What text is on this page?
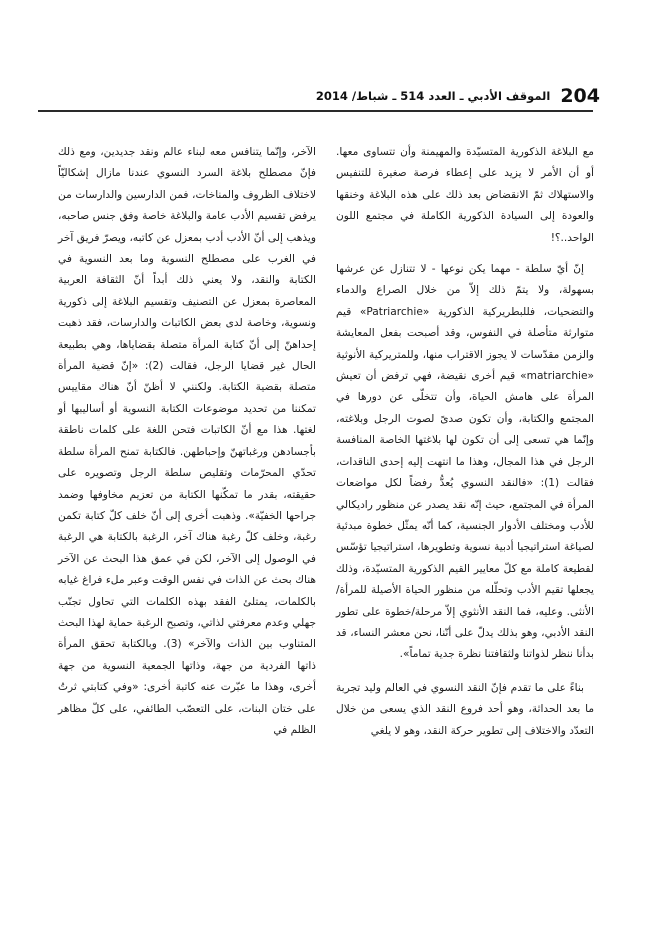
204
الموقف الأدبي ـ العدد 514 ـ شباط/ 2014

مع البلاغة الذكورية المتسيّدة والمهيمنة وأن تتساوى معها. أو أن الأمر لا يزيد على إعطاء فرصة صغيرة للتنفيس والاستهلاك ثمّ الانقضاض بعد ذلك على هذه البلاغة وخنقها والعودة إلى السيادة الذكورية الكاملة في مجتمع اللون الواحد..؟!

إنّ أيّ سلطة - مهما يكن نوعها - لا تتنازل عن عرشها بسهولة، ولا يتمّ ذلك إلاّ من خلال الصراع والدماء والتضحيات، فللبطريركية الذكورية «Patriarchie» قيم متوارثة متأصلة في النفوس، وقد أصبحت بفعل المعايشة والزمن مقدّسات لا يجوز الاقتراب منها، وللمتريركية الأنوثية «matriarchie» قيم أخرى نقيضة، فهي ترفض أن تعيش المرأة على هامش الحياة، وأن تتخلّى عن دورها في المجتمع والكتابة، وأن تكون صدىً لصوت الرجل وبلاغته، وإنّما هي تسعى إلى أن تكون لها بلاغتها الخاصة المنافسة الرجل في هذا المجال، وهذا ما انتهت إليه إحدى الناقدات، فقالت (1): «فالنقد النسوي يُعدُّ رفضاً لكل مواضعات المرأة في المجتمع، حيث إنّه نقد يصدر عن منظور راديكالي للأدب ومختلف الأدوار الجنسية، كما أنّه يمثّل خطوة مبدئية لصياغة استراتيجيا أدبية نسوية وتطويرها، استراتيجيا تؤسّس لقطيعة كاملة مع كلّ معايير القيم الذكورية المتسيّدة، وذلك يجعلها تقيم الأدب وتحلّله من منظور الحياة الأصيلة للمرأة/الأنثى. وعليه، فما النقد الأنثوي إلاّ مرحلة/خطوة على تطور النقد الأدبي، وهو بذلك يدلّ على أنّنا، نحن معشر النساء، قد بدأنا ننظر لذواتنا ولثقافتنا نظرة جدية تماماً».

بناءً على ما تقدم فإنّ النقد النسوي في العالم وليد تجربة ما بعد الحداثة، وهو أحد فروع النقد الذي يسعى من خلال التعدّد والاختلاف إلى تطوير حركة النقد، وهو لا يلغي

الآخر، وإنّما يتنافس معه لبناء عالم ونقد جديدين، ومع ذلك فإنّ مصطلح بلاغة السرد النسوي عندنا مازال إشكاليّاً لاختلاف الظروف والمناخات، فمن الدارسين والدارسات من يرفض تقسيم الأدب عامة والبلاغة خاصة وفق جنس صاحبه، ويذهب إلى أنّ الأدب أدب بمعزل عن كاتبه، ويصرّ فريق آخر في الغرب على مصطلح النسوية وما بعد النسوية في الكتابة والنقد، ولا يعني ذلك أبداً أنّ الثقافة العربية المعاصرة بمعزل عن التصنيف وتقسيم البلاغة إلى ذكورية ونسوية، وخاصة لدى بعض الكاتبات والدارسات، فقد ذهبت إحداهنّ إلى أنّ كتابة المرأة متصلة بقضاياها، وهي بطبيعة الحال غير قضايا الرجل، فقالت (2): «إنّ قضية المرأة متصلة بقضية الكتابة. ولكنني لا أظنّ أنّ هناك مقاييس تمكننا من تحديد موضوعات الكتابة النسوية أو أساليبها أو لغتها. هذا مع أنّ الكاتبات فتحن اللغة على كلمات ناطقة بأجسادهن ورغباتهنّ وإحباطهن. فالكتابة تمنح المرأة سلطة تحدّي المحرّمات وتقليص سلطة الرجل وتصويره على حقيقته، بقدر ما تمكّنها الكتابة من تعزيم مخاوفها وضمد جراحها الخفيّة». وذهبت أخرى إلى أنّ خلف كلّ كتابة تكمن رغبة، وخلف كلّ رغبة هناك آخر، الرغبة بالكتابة هي الرغبة في الوصول إلى الآخر، لكن في عمق هذا البحث عن الآخر هناك بحث عن الذات في نفس الوقت وعبر ملء فراغ غيابه بالكلمات، يمتلئ الفقد بهذه الكلمات التي تحاول تجنّب جهلي وعدم معرفتي لذاتي، وتصبح الرغبة حماية لهذا البحث المتناوب بين الذات والآخر» (3). وبالكتابة تحقق المرأة ذاتها الفردية من جهة، وذاتها الجمعية النسوية من جهة أخرى، وهذا ما عبّرت عنه كاتبة أخرى: «وفي كتابتي ثرتُ على ختان البنات، على التعصّب الطائفي، على كلّ مظاهر الظلم في
